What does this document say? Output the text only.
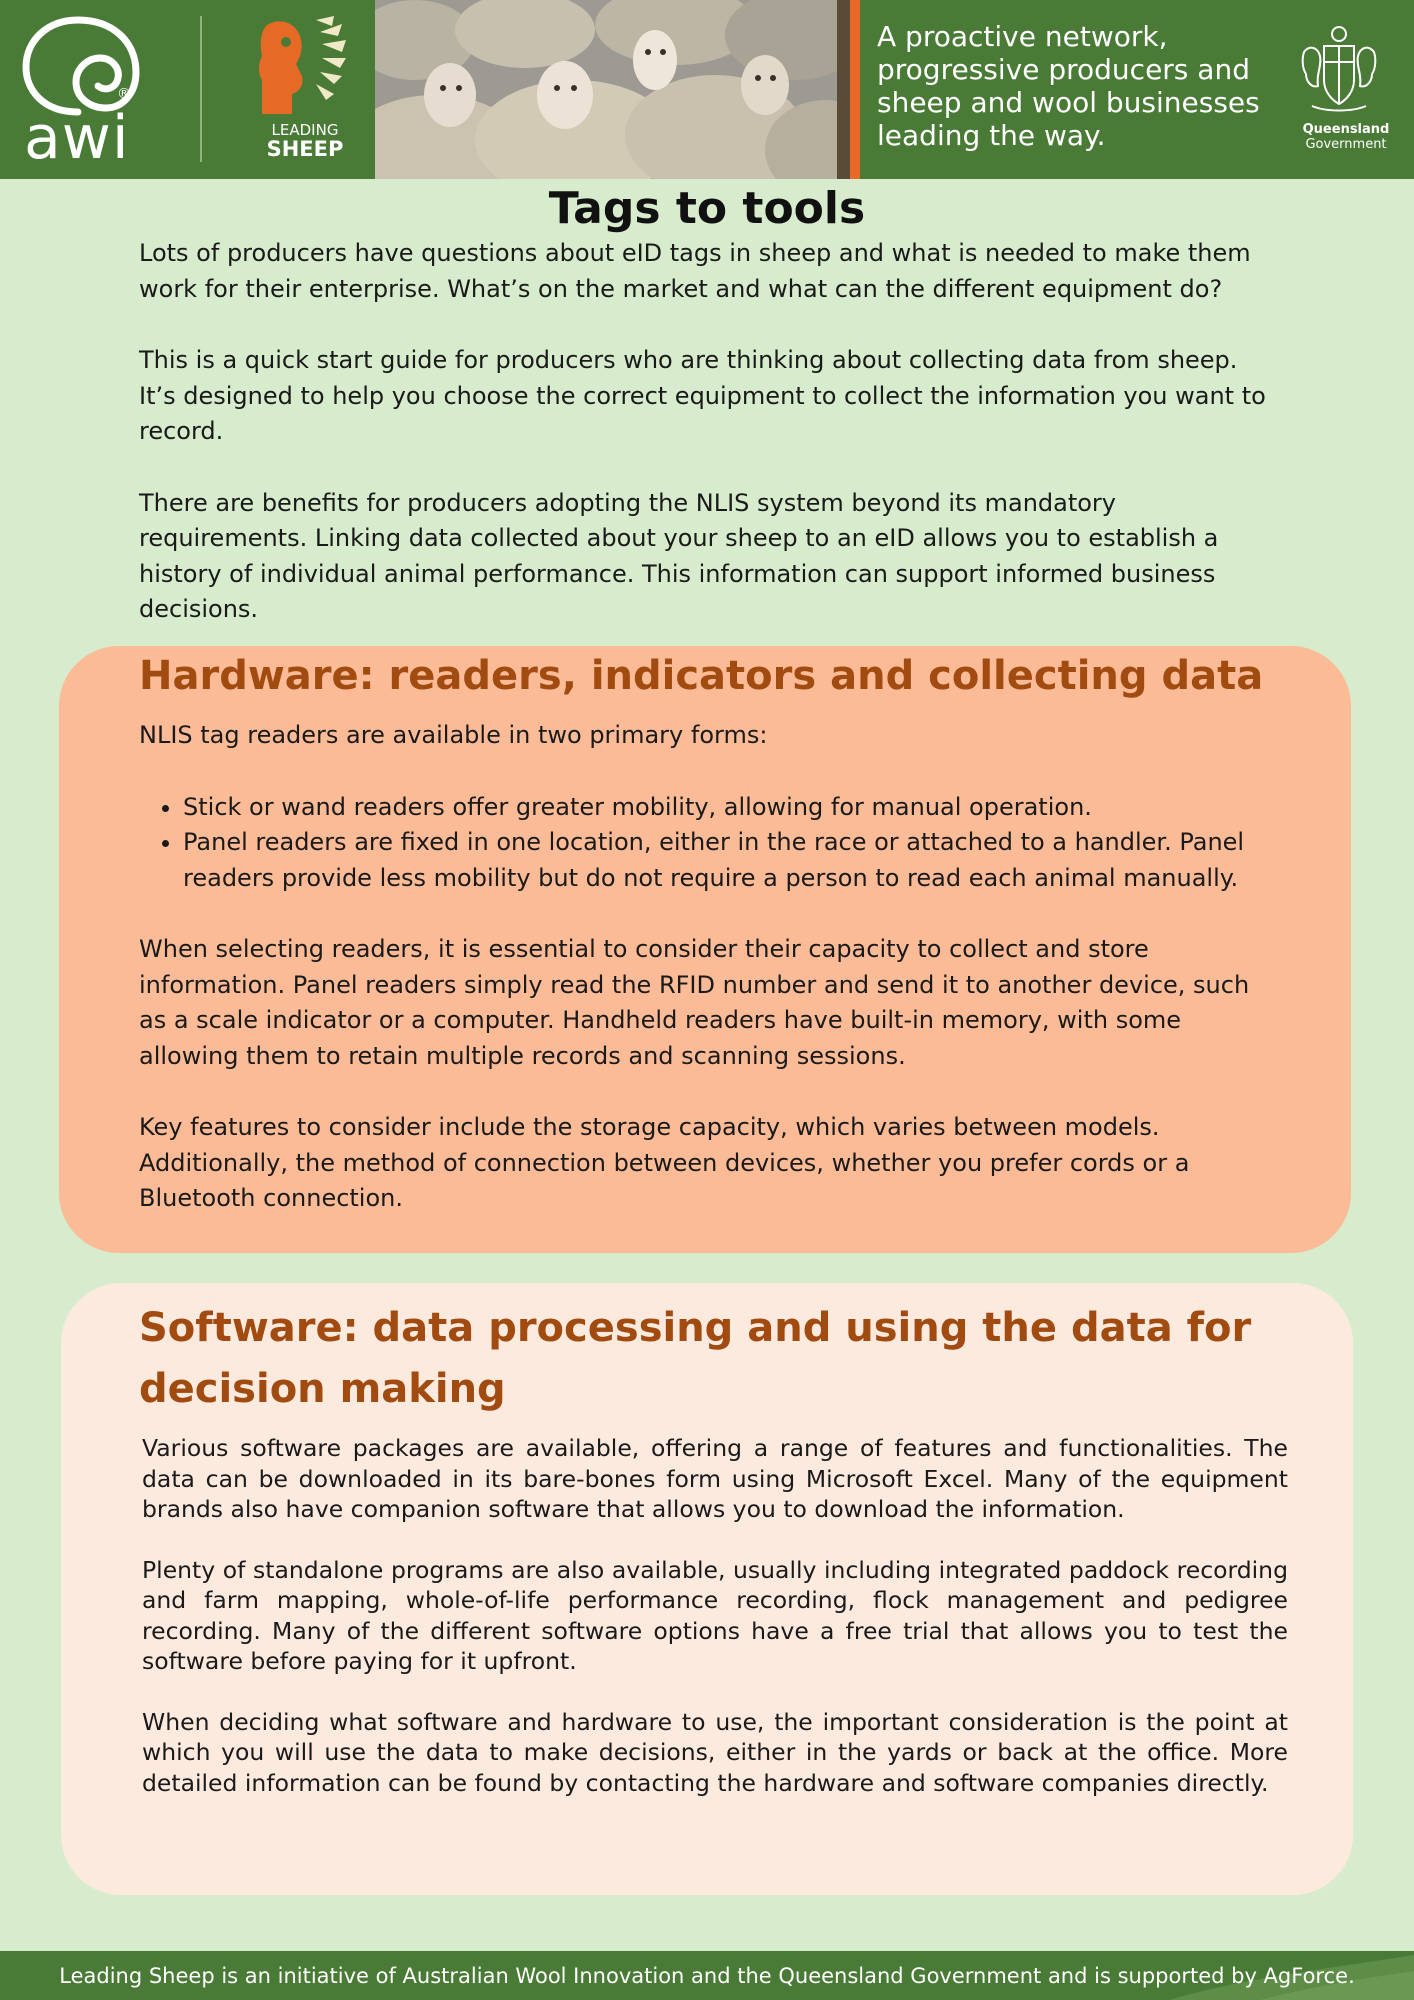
®
awi	LEADING
SHEEP
A proactive network, progressive producers and sheep and wool businesses leading the way.	Queensland
Government
Tags to tools

Lots of producers have questions about eID tags in sheep and what is needed to make them work for their enterprise. What’s on the market and what can the different equipment do?

This is a quick start guide for producers who are thinking about collecting data from sheep. It’s designed to help you choose the correct equipment to collect the information you want to record.

There are benefits for producers adopting the NLIS system beyond its mandatory requirements. Linking data collected about your sheep to an eID allows you to establish a history of individual animal performance. This information can support informed business decisions.

Hardware: readers, indicators and collecting data

NLIS tag readers are available in two primary forms:

• Stick or wand readers offer greater mobility, allowing for manual operation.
• Panel readers are fixed in one location, either in the race or attached to a handler. Panel readers provide less mobility but do not require a person to read each animal manually.

When selecting readers, it is essential to consider their capacity to collect and store information. Panel readers simply read the RFID number and send it to another device, such as a scale indicator or a computer. Handheld readers have built-in memory, with some allowing them to retain multiple records and scanning sessions.

Key features to consider include the storage capacity, which varies between models. Additionally, the method of connection between devices, whether you prefer cords or a Bluetooth connection.

Software: data processing and using the data for decision making

Various software packages are available, offering a range of features and functionalities. The data can be downloaded in its bare-bones form using Microsoft Excel. Many of the equipment brands also have companion software that allows you to download the information.

Plenty of standalone programs are also available, usually including integrated paddock recording and farm mapping, whole-of-life performance recording, flock management and pedigree recording. Many of the different software options have a free trial that allows you to test the software before paying for it upfront.

When deciding what software and hardware to use, the important consideration is the point at which you will use the data to make decisions, either in the yards or back at the office. More detailed information can be found by contacting the hardware and software companies directly.

Leading Sheep is an initiative of Australian Wool Innovation and the Queensland Government and is supported by AgForce.
